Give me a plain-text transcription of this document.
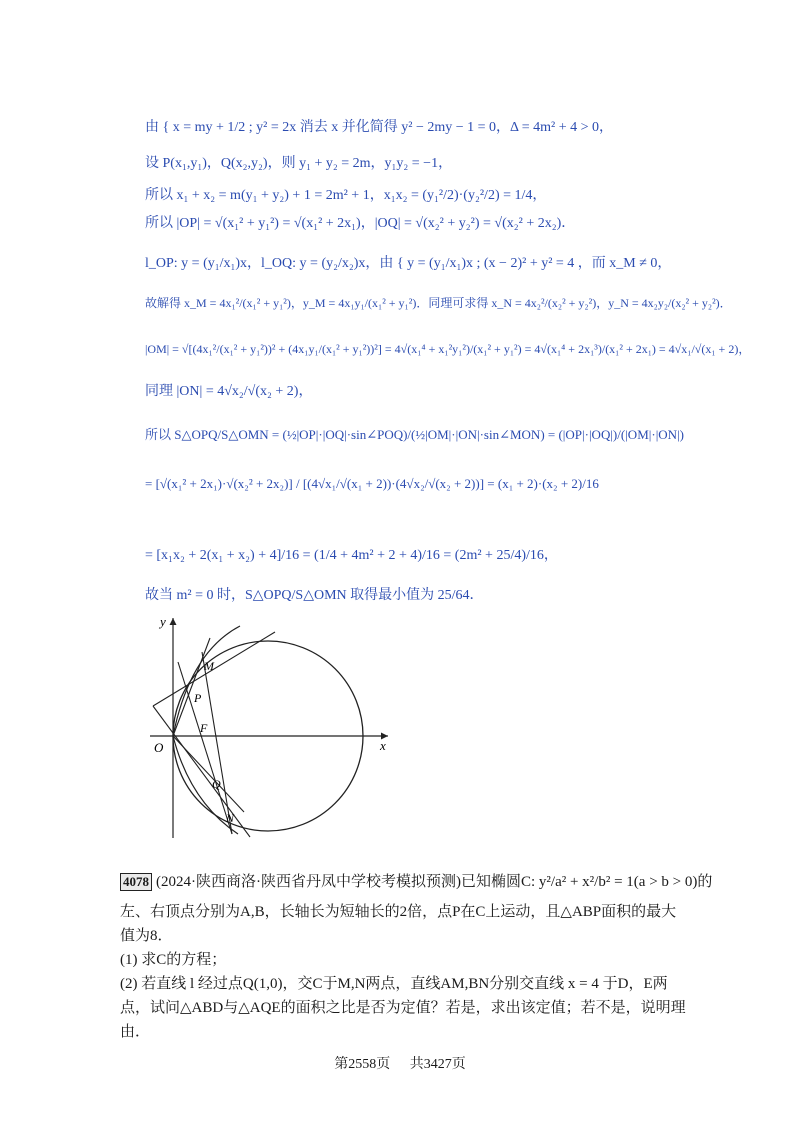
由 { x = my + 1/2 ; y² = 2x 消去 x 并化简得 y² − 2my − 1 = 0，Δ = 4m² + 4 > 0，
设 P(x₁,y₁)，Q(x₂,y₂)，则 y₁ + y₂ = 2m，y₁y₂ = −1，
所以 x₁ + x₂ = m(y₁ + y₂) + 1 = 2m² + 1，x₁x₂ = (y₁²/2)·(y₂²/2) = 1/4，
所以 |OP| = √(x₁² + y₁²) = √(x₁² + 2x₁)，|OQ| = √(x₂² + y₂²) = √(x₂² + 2x₂)．
l_OP: y = (y₁/x₁)x，l_OQ: y = (y₂/x₂)x，由 { y = (y₁/x₁)x ; (x − 2)² + y² = 4 ，而 x_M ≠ 0，
故解得 x_M = 4x₁²/(x₁² + y₁²)，y_M = 4x₁y₁/(x₁² + y₁²)．同理可求得 x_N = 4x₂²/(x₂² + y₂²)，y_N = 4x₂y₂/(x₂² + y₂²)．
|OM| = √[(4x₁²/(x₁² + y₁²))² + (4x₁y₁/(x₁² + y₁²))²] = 4√(x₁⁴ + x₁²y₁²)/(x₁² + y₁²) = 4√(x₁⁴ + 2x₁³)/(x₁² + 2x₁) = 4√x₁/√(x₁ + 2)，
同理 |ON| = 4√x₂/√(x₂ + 2)，
所以 S△OPQ/S△OMN = (½|OP|·|OQ|·sin∠POQ)/(½|OM|·|ON|·sin∠MON) = (|OP|·|OQ|)/(|OM|·|ON|)
= [√(x₁² + 2x₁)·√(x₂² + 2x₂)] / [(4√x₁/√(x₁ + 2))·(4√x₂/√(x₂ + 2))] = (x₁ + 2)·(x₂ + 2)/16
= [x₁x₂ + 2(x₁ + x₂) + 4]/16 = (1/4 + 4m² + 2 + 4)/16 = (2m² + 25/4)/16，
故当 m² = 0 时，S△OPQ/S△OMN 取得最小值为 25/64．
O
y
x
M
P
F
Q
N
4078 (2024·陕西商洛·陕西省丹凤中学校考模拟预测)已知椭圆C: y²/a² + x²/b² = 1(a > b > 0)的
左、右顶点分别为A,B，长轴长为短轴长的2倍，点P在C上运动，且△ABP面积的最大
值为8．
(1) 求C的方程；
(2) 若直线 l 经过点Q(1,0)，交C于M,N两点，直线AM,BN分别交直线 x = 4 于D，E两
点，试问△ABD与△AQE的面积之比是否为定值？若是，求出该定值；若不是，说明理
由．
第2558页 共3427页
